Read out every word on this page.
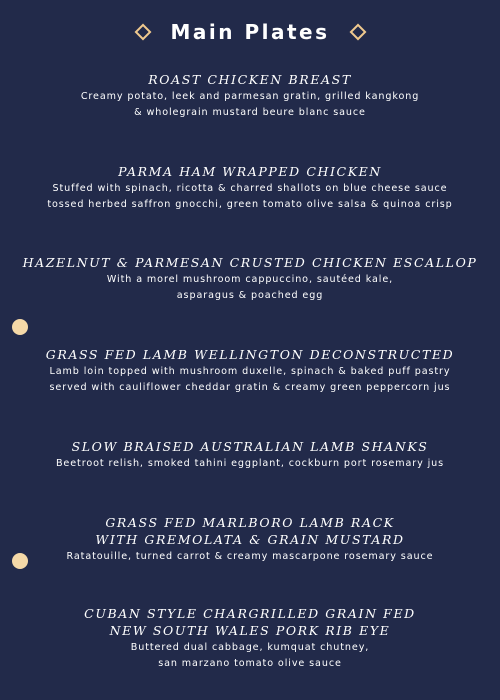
Main Plates
ROAST CHICKEN BREAST
Creamy potato, leek and parmesan gratin, grilled kangkong
& wholegrain mustard beure blanc sauce
PARMA HAM WRAPPED CHICKEN
Stuffed with spinach, ricotta & charred shallots on blue cheese sauce
tossed herbed saffron gnocchi, green tomato olive salsa & quinoa crisp
HAZELNUT & PARMESAN CRUSTED CHICKEN ESCALLOP
With a morel mushroom cappuccino, sautéed kale,
asparagus & poached egg
GRASS FED LAMB WELLINGTON DECONSTRUCTED
Lamb loin topped with mushroom duxelle, spinach & baked puff pastry
served with cauliflower cheddar gratin & creamy green peppercorn jus
SLOW BRAISED AUSTRALIAN LAMB SHANKS
Beetroot relish, smoked tahini eggplant, cockburn port rosemary jus
GRASS FED MARLBORO LAMB RACK
WITH GREMOLATA & GRAIN MUSTARD
Ratatouille, turned carrot & creamy mascarpone rosemary sauce
CUBAN STYLE CHARGRILLED GRAIN FED
NEW SOUTH WALES PORK RIB EYE
Buttered dual cabbage, kumquat chutney,
san marzano tomato olive sauce
